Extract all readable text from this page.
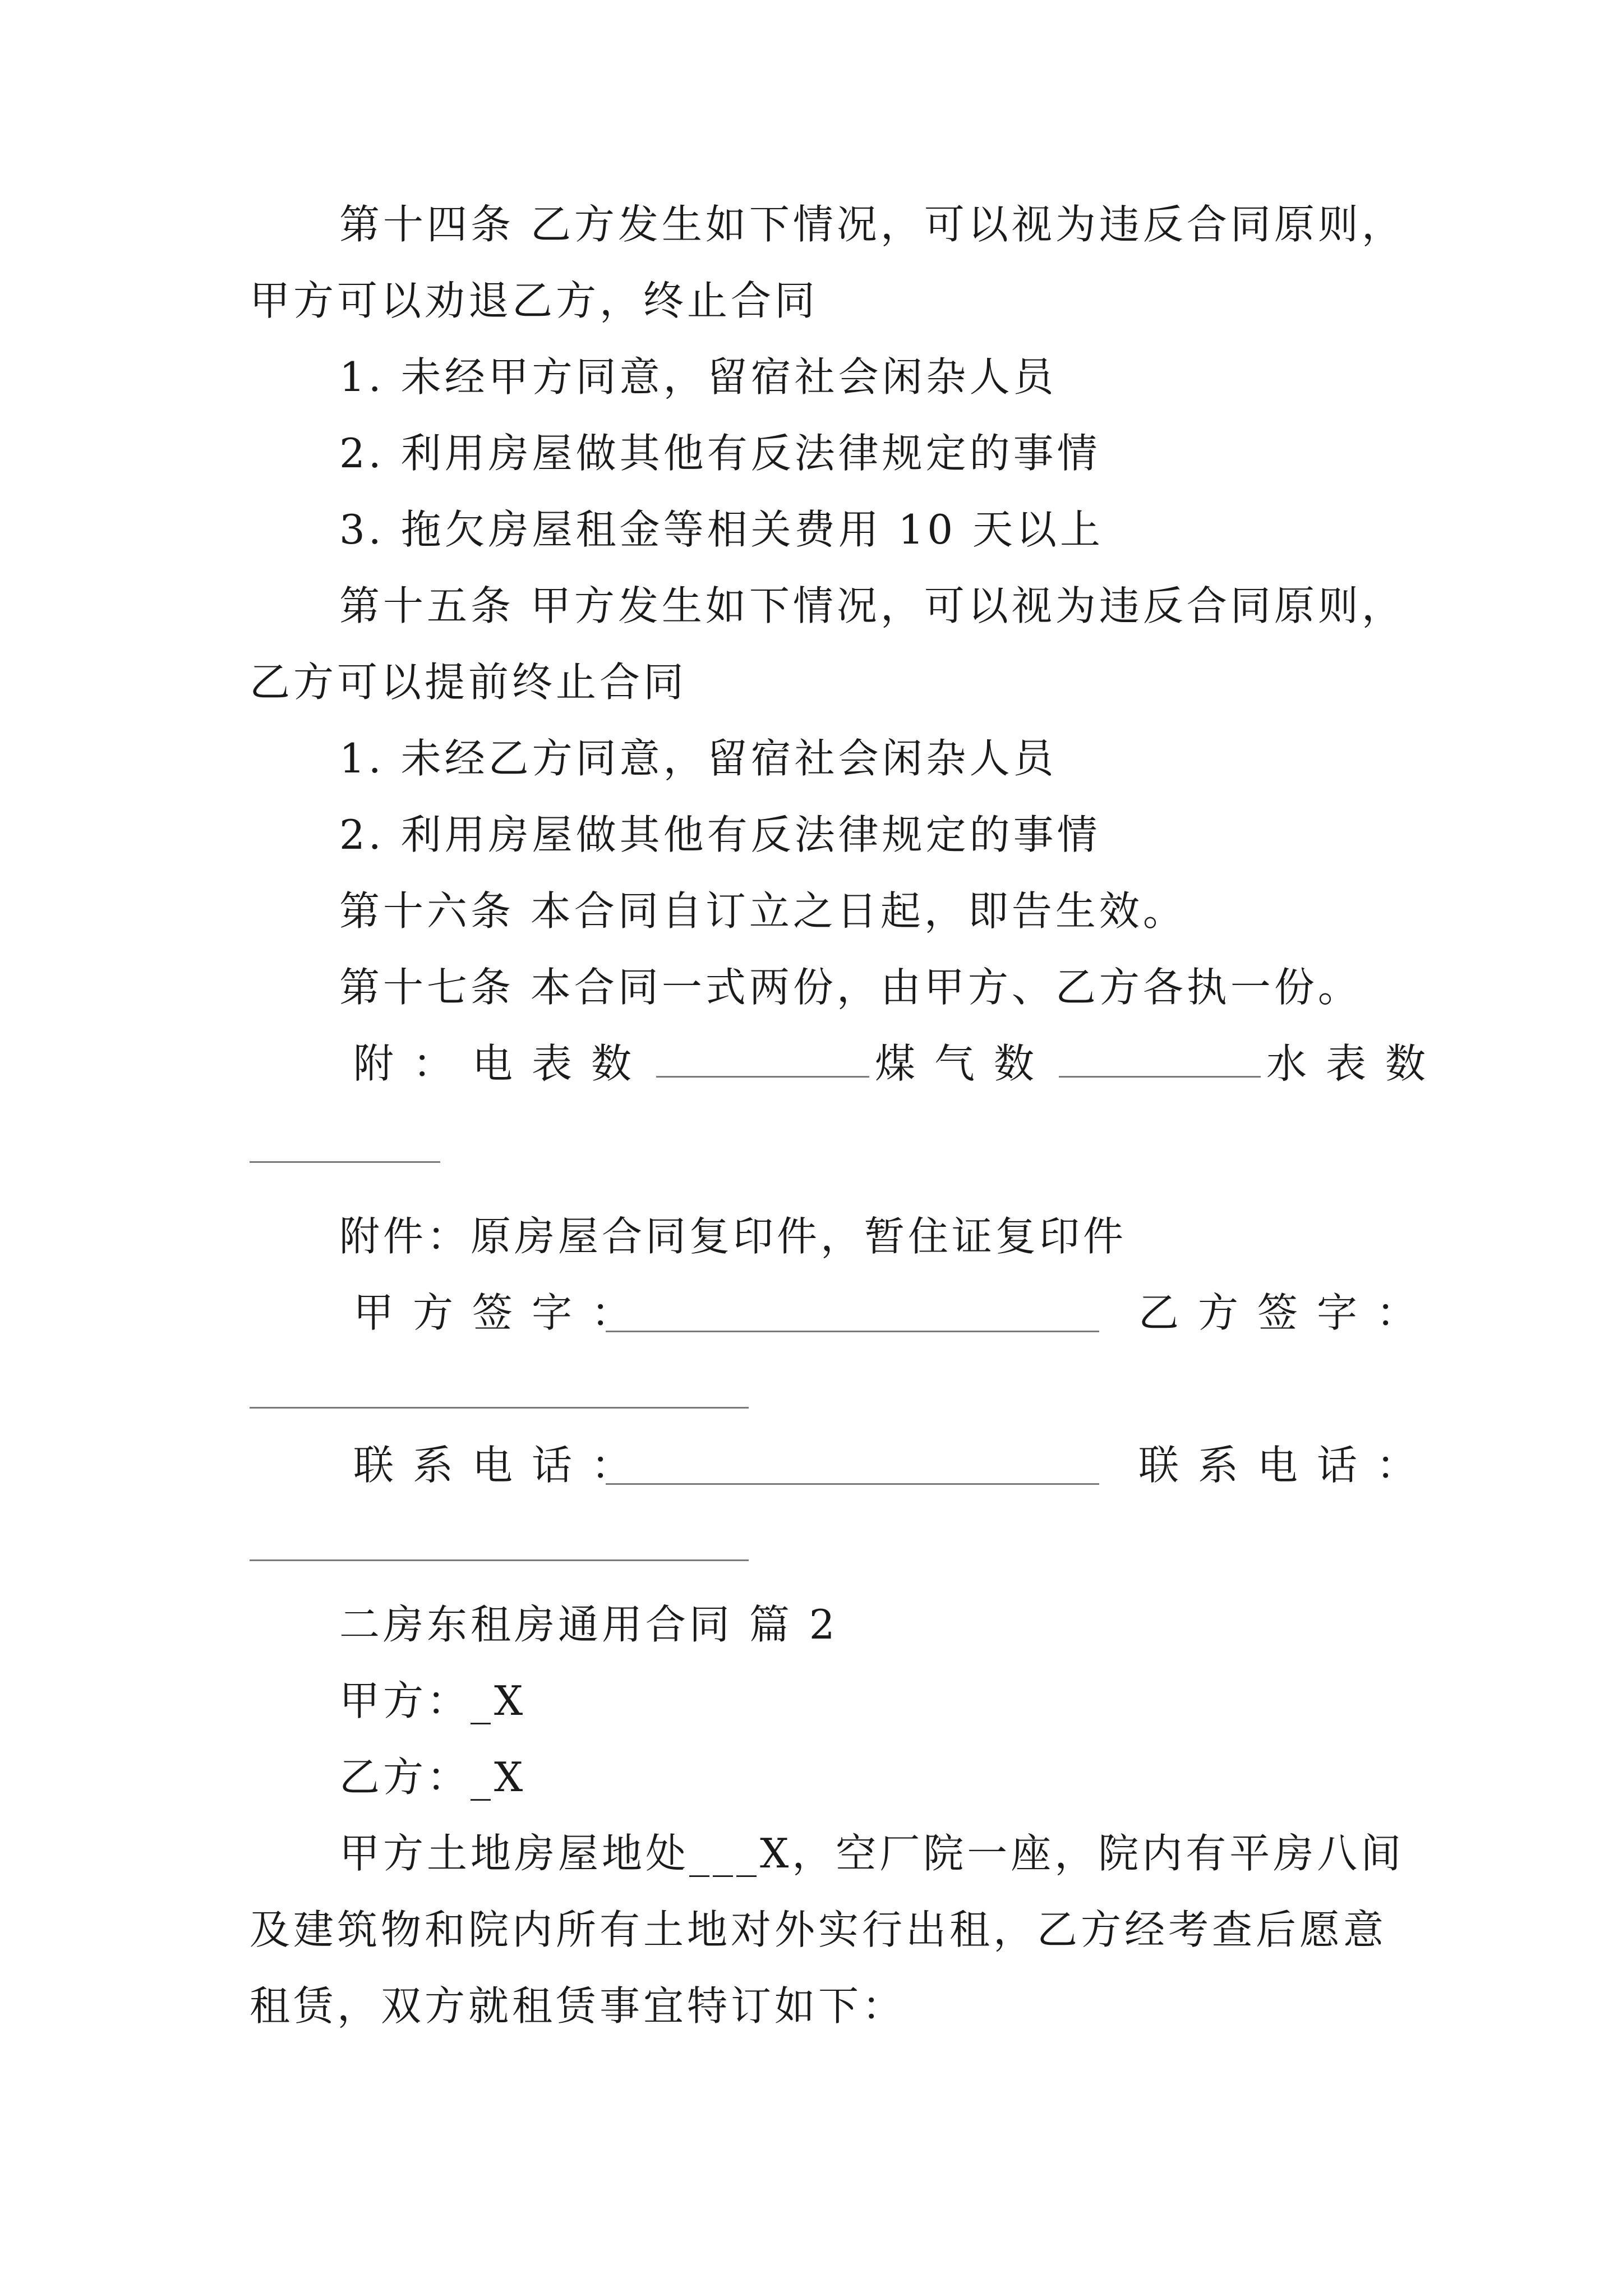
第十四条 乙方发生如下情况，可以视为违反合同原则，
甲方可以劝退乙方，终止合同
1. 未经甲方同意，留宿社会闲杂人员
2. 利用房屋做其他有反法律规定的事情
3. 拖欠房屋租金等相关费用 10 天以上
第十五条 甲方发生如下情况，可以视为违反合同原则，
乙方可以提前终止合同
1. 未经乙方同意，留宿社会闲杂人员
2. 利用房屋做其他有反法律规定的事情
第十六条 本合同自订立之日起，即告生效。
第十七条 本合同一式两份，由甲方、乙方各执一份。
附：电表数	煤气数	水表数
附件：原房屋合同复印件，暂住证复印件
甲方签字：	乙方签字：
联系电话：	联系电话：
二房东租房通用合同 篇 2
甲方：_X
乙方：_X
甲方土地房屋地处___X，空厂院一座，院内有平房八间
及建筑物和院内所有土地对外实行出租，乙方经考查后愿意
租赁，双方就租赁事宜特订如下：
